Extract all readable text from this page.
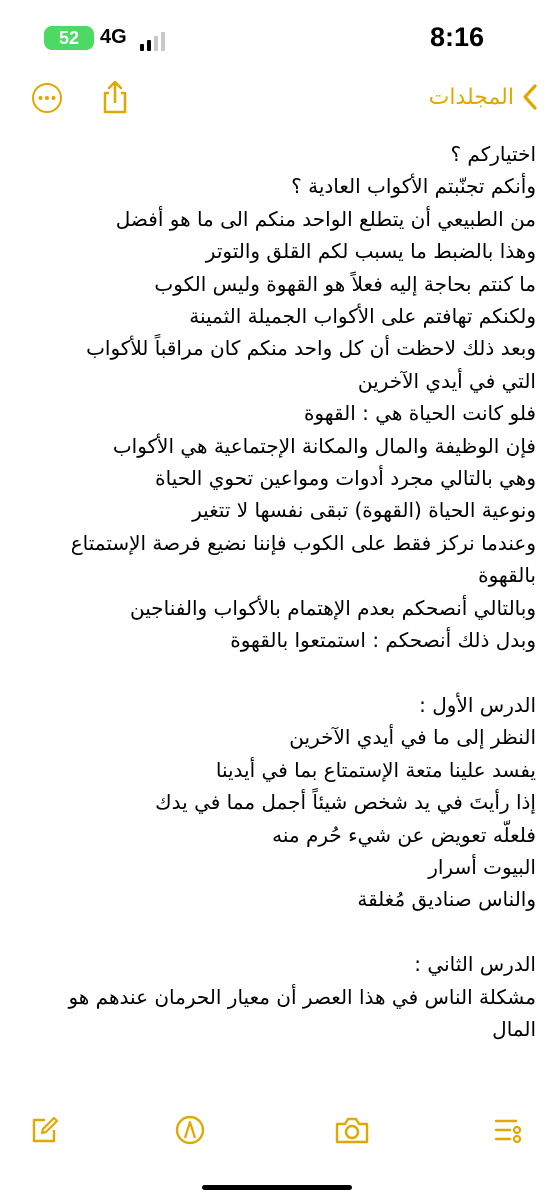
52 4G	8:16
المجلدات
اختياركم ؟
وأنكم تجنّبتم الأكواب العادية ؟
من الطبيعي أن يتطلع الواحد منكم الى ما هو أفضل
وهذا بالضبط ما يسبب لكم القلق والتوتر
ما كنتم بحاجة إليه فعلاً هو القهوة وليس الكوب
ولكنكم تهافتم على الأكواب الجميلة الثمينة
وبعد ذلك لاحظت أن كل واحد منكم كان مراقباً للأكواب
التي في أيدي الآخرين
فلو كانت الحياة هي : القهوة
فإن الوظيفة والمال والمكانة الإجتماعية هي الأكواب
وهي بالتالي مجرد أدوات ومواعين تحوي الحياة
ونوعية الحياة (القهوة) تبقى نفسها لا تتغير
وعندما نركز فقط على الكوب فإننا نضيع فرصة الإستمتاع
بالقهوة
وبالتالي أنصحكم بعدم الإهتمام بالأكواب والفناجين
وبدل ذلك أنصحكم : استمتعوا بالقهوة
الدرس الأول :
النظر إلى ما في أيدي الآخرين
يفسد علينا متعة الإستمتاع بما في أيدينا
إذا رأيتَ في يد شخص شيئاً أجمل مما في يدك
فلعلّه تعويض عن شيء حُرم منه
البيوت أسرار
والناس صناديق مُغلقة
الدرس الثاني :
مشكلة الناس في هذا العصر أن معيار الحرمان عندهم هو
المال
